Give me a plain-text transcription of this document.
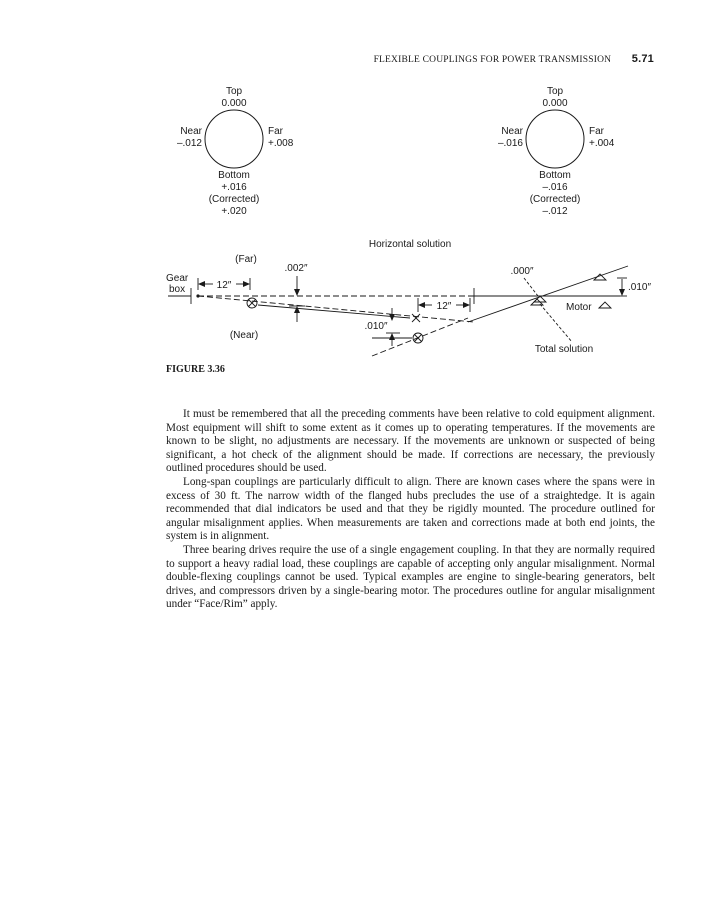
FLEXIBLE COUPLINGS FOR POWER TRANSMISSION 5.71
Top
0.000
Near
–.012
Far
+.008
Bottom
+.016
(Corrected)
+.020
Top
0.000
Near
–.016
Far
+.004
Bottom
–.016
(Corrected)
–.012
Horizontal solution
(Far)
(Near)
Gear
box	12″
.002″
12″
.010″
.000″
Motor
.010″
Total solution
FIGURE 3.36

It must be remembered that all the preceding comments have been relative to cold equipment alignment. Most equipment will shift to some extent as it comes up to operating temperatures. If the movements are known to be slight, no adjustments are necessary. If the movements are unknown or suspected of being significant, a hot check of the alignment should be made. If corrections are necessary, the previously outlined procedures should be used.

Long-span couplings are particularly difficult to align. There are known cases where the spans were in excess of 30 ft. The narrow width of the flanged hubs precludes the use of a straightedge. It is again recommended that dial indicators be used and that they be rigidly mounted. The procedure outlined for angular misalignment applies. When measurements are taken and corrections made at both end joints, the system is in alignment.

Three bearing drives require the use of a single engagement coupling. In that they are normally required to support a heavy radial load, these couplings are capable of accepting only angular misalignment. Normal double-flexing couplings cannot be used. Typical examples are engine to single-bearing generators, belt drives, and compressors driven by a single-bearing motor. The procedures outline for angular misalignment under “Face/Rim” apply.
